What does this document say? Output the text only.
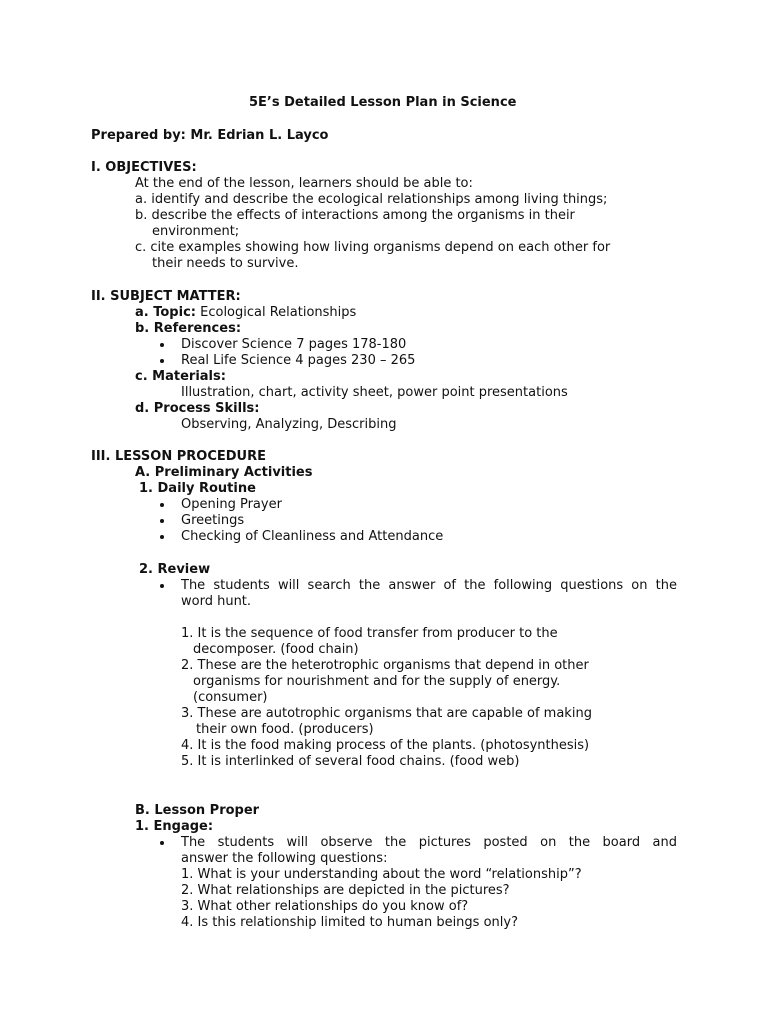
5E’s Detailed Lesson Plan in Science
Prepared by: Mr. Edrian L. Layco
I. OBJECTIVES:
At the end of the lesson, learners should be able to:
a. identify and describe the ecological relationships among living things;
b. describe the effects of interactions among the organisms in their
environment;
c. cite examples showing how living organisms depend on each other for
their needs to survive.
II. SUBJECT MATTER:
a. Topic: Ecological Relationships
b. References:
Discover Science 7 pages 178-180
Real Life Science 4 pages 230 – 265
c. Materials:
Illustration, chart, activity sheet, power point presentations
d. Process Skills:
Observing, Analyzing, Describing
III. LESSON PROCEDURE
A. Preliminary Activities
1. Daily Routine
Opening Prayer
Greetings
Checking of Cleanliness and Attendance
2. Review
The students will search the answer of the following questions on the
word hunt.
1. It is the sequence of food transfer from producer to the
decomposer. (food chain)
2. These are the heterotrophic organisms that depend in other
organisms for nourishment and for the supply of energy.
(consumer)
3. These are autotrophic organisms that are capable of making
their own food. (producers)
4. It is the food making process of the plants. (photosynthesis)
5. It is interlinked of several food chains. (food web)
B. Lesson Proper
1. Engage:
The students will observe the pictures posted on the board and
answer the following questions:
1. What is your understanding about the word “relationship”?
2. What relationships are depicted in the pictures?
3. What other relationships do you know of?
4. Is this relationship limited to human beings only?
